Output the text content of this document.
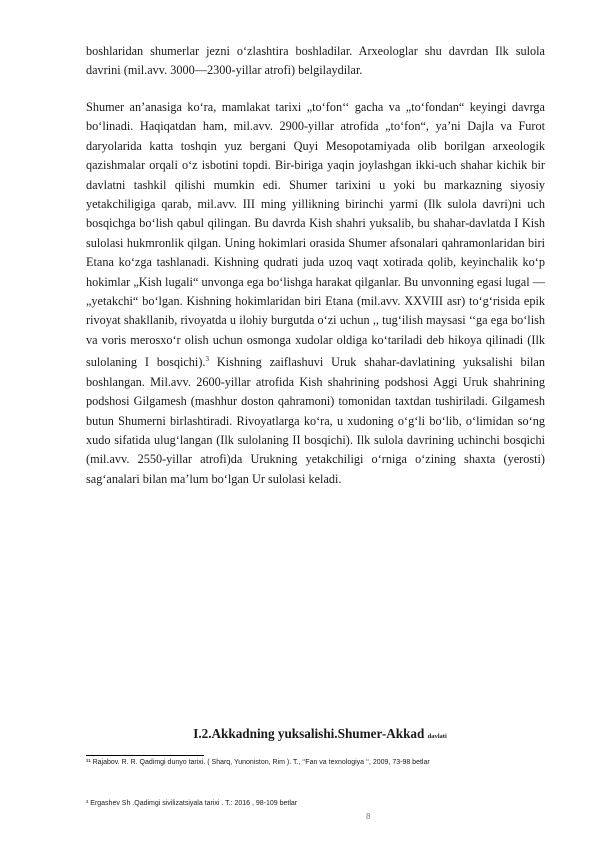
boshlaridan shumerlar jezni o‘zlashtira boshladilar. Arxeologlar shu davrdan Ilk sulola davrini (mil.avv. 3000—2300-yillar atrofi) belgilaydilar.

Shumer an’anasiga ko‘ra, mamlakat tarixi „to‘fon‘‘ gacha va „to‘fondan“ keyingi davrga bo‘linadi. Haqiqatdan ham, mil.avv. 2900-yillar atrofida „to‘fon“, ya’ni Dajla va Furot daryolarida katta toshqin yuz bergani Quyi Mesopotamiyada olib borilgan arxeologik qazishmalar orqali o‘z isbotini topdi. Bir-biriga yaqin joylashgan ikki-uch shahar kichik bir davlatni tashkil qilishi mumkin edi. Shumer tarixini u yoki bu markazning siyosiy yetakchiligiga qarab, mil.avv. III ming yillikning birinchi yarmi (Ilk sulola davri)ni uch bosqichga bo‘lish qabul qilingan. Bu davrda Kish shahri yuksalib, bu shahar-davlatda I Kish sulolasi hukmronlik qilgan. Uning hokimlari orasida Shumer afsonalari qahramonlaridan biri Etana ko‘zga tashlanadi. Kishning qudrati juda uzoq vaqt xotirada qolib, keyinchalik ko‘p hokimlar „Kish lugali“ unvonga ega bo‘lishga harakat qilganlar. Bu unvonning egasi lugal — „yetakchi“ bo‘lgan. Kishning hokimlaridan biri Etana (mil.avv. XXVIII asr) to‘g‘risida epik rivoyat shakllanib, rivoyatda u ilohiy burgutda o‘zi uchun ,, tug‘ilish maysasi ‘‘ga ega bo‘lish va voris merosxo‘r olish uchun osmonga xudolar oldiga ko‘tariladi deb hikoya qilinadi (Ilk sulolaning I bosqichi).$^3$ Kishning zaiflashuvi Uruk shahar-davlatining yuksalishi bilan boshlangan. Mil.avv. 2600-yillar atrofida Kish shahrining podshosi Aggi Uruk shahrining podshosi Gilgamesh (mashhur doston qahramoni) tomonidan taxtdan tushiriladi. Gilgamesh butun Shumerni birlashtiradi. Rivoyatlarga ko‘ra, u xudoning o‘g‘li bo‘lib, o‘limidan so‘ng xudo sifatida ulug‘langan (Ilk sulolaning II bosqichi). Ilk sulola davrining uchinchi bosqichi (mil.avv. 2550-yillar atrofi)da Urukning yetakchiligi o‘rniga o‘zining shaxta (yerosti) sag‘analari bilan ma’lum bo‘lgan Ur sulolasi keladi.

I.2.Akkadning yuksalishi.Shumer-Akkad davlati

³¹ Rajabov. R. R. Qadimgi dunyo tarixi. ( Sharq, Yunoniston, Rim ). T., ‘‘Fan va texnologiya ‘‘, 2009, 73-98 betlar

³ Ergashev Sh .Qadimgi sivilizatsiyala tarixi . T.: 2016 , 98-109 betlar

8
